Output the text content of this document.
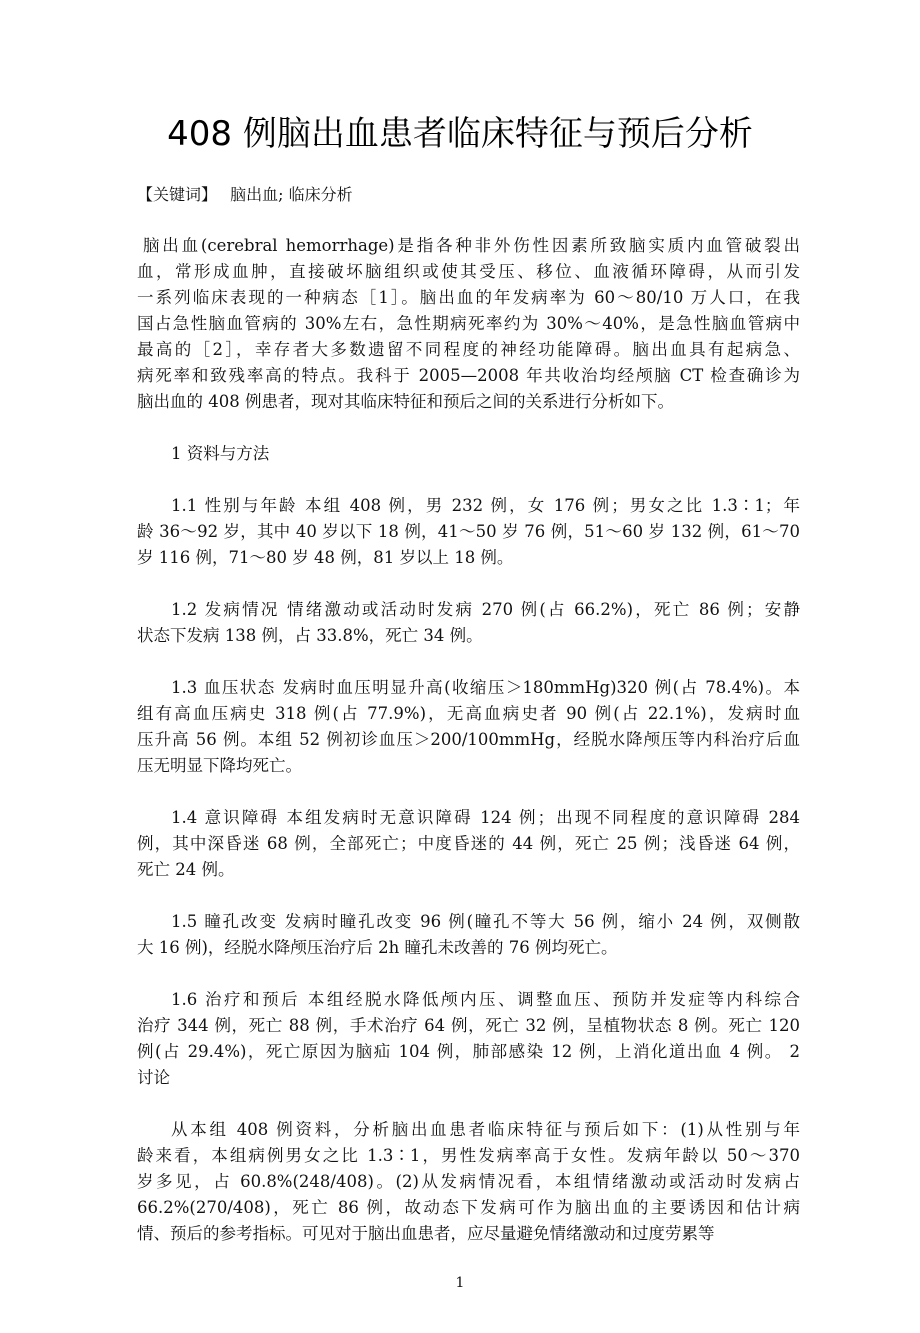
408 例脑出血患者临床特征与预后分析
【关键词】 脑出血; 临床分析
脑出血(cerebral hemorrhage)是指各种非外伤性因素所致脑实质内血管破裂出
血，常形成血肿，直接破坏脑组织或使其受压、移位、血液循环障碍，从而引发
一系列临床表现的一种病态［1］。脑出血的年发病率为 60～80/10 万人口，在我
国占急性脑血管病的 30%左右，急性期病死率约为 30%～40%，是急性脑血管病中
最高的［2］，幸存者大多数遗留不同程度的神经功能障碍。脑出血具有起病急、
病死率和致残率高的特点。我科于 2005—2008 年共收治均经颅脑 CT 检查确诊为
脑出血的 408 例患者，现对其临床特征和预后之间的关系进行分析如下。
1 资料与方法
1.1 性别与年龄 本组 408 例，男 232 例，女 176 例；男女之比 1.3∶1；年
龄 36～92 岁，其中 40 岁以下 18 例，41～50 岁 76 例，51～60 岁 132 例，61～70
岁 116 例，71～80 岁 48 例，81 岁以上 18 例。
1.2 发病情况 情绪激动或活动时发病 270 例(占 66.2%)，死亡 86 例；安静
状态下发病 138 例，占 33.8%，死亡 34 例。
1.3 血压状态 发病时血压明显升高(收缩压＞180mmHg)320 例(占 78.4%)。本
组有高血压病史 318 例(占 77.9%)，无高血病史者 90 例(占 22.1%)，发病时血
压升高 56 例。本组 52 例初诊血压＞200/100mmHg，经脱水降颅压等内科治疗后血
压无明显下降均死亡。
1.4 意识障碍 本组发病时无意识障碍 124 例；出现不同程度的意识障碍 284
例，其中深昏迷 68 例，全部死亡；中度昏迷的 44 例，死亡 25 例；浅昏迷 64 例，
死亡 24 例。
1.5 瞳孔改变 发病时瞳孔改变 96 例(瞳孔不等大 56 例，缩小 24 例，双侧散
大 16 例)，经脱水降颅压治疗后 2h 瞳孔未改善的 76 例均死亡。
1.6 治疗和预后 本组经脱水降低颅内压、调整血压、预防并发症等内科综合
治疗 344 例，死亡 88 例，手术治疗 64 例，死亡 32 例，呈植物状态 8 例。死亡 120
例(占 29.4%)，死亡原因为脑疝 104 例，肺部感染 12 例，上消化道出血 4 例。 2
讨论
从本组 408 例资料，分析脑出血患者临床特征与预后如下：(1)从性别与年
龄来看，本组病例男女之比 1.3∶1，男性发病率高于女性。发病年龄以 50～370
岁多见，占 60.8%(248/408)。(2)从发病情况看，本组情绪激动或活动时发病占
66.2%(270/408)，死亡 86 例，故动态下发病可作为脑出血的主要诱因和估计病
情、预后的参考指标。可见对于脑出血患者，应尽量避免情绪激动和过度劳累等
1
